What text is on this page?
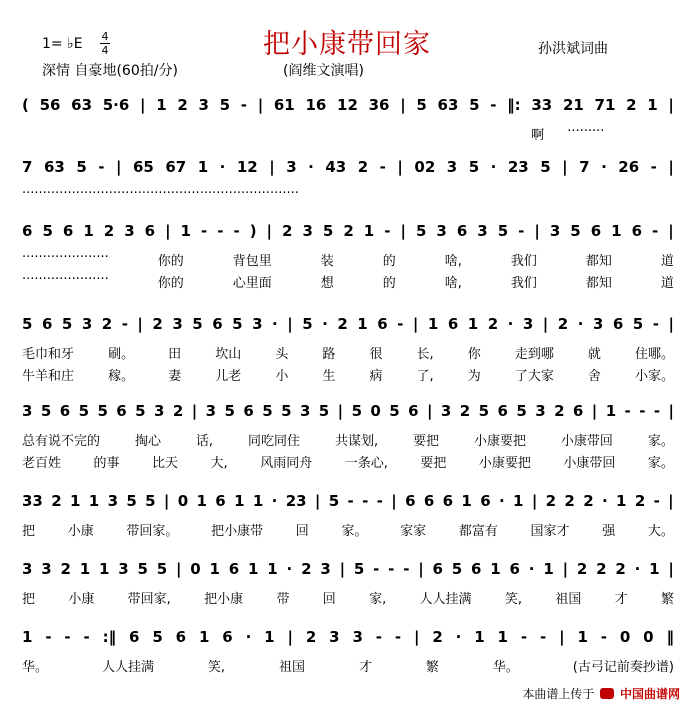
把小康带回家
1= ♭E 4
4
深情 自豪地(60拍/分)	(阎维文演唱)
孙洪斌词曲
( 56 63 5·6 | 1 2 3 5 - | 61 16 12 36 | 5 63 5 - ‖: 33 21 71 2 1 |
啊 ·········
7 63 5 - | 65 67 1 · 12 | 3 · 43 2 - | 02 3 5 · 23 5 | 7 · 26 - |
···································································
6 5 6 1 2 3 6 | 1 - - - ) | 2 3 5 2 1 - | 5 3 6 3 5 - | 3 5 6 1 6 - |
·····················	你的	背包里	装	的	啥,	我们	都知	道
·····················	你的	心里面	想	的	啥,	我们	都知	道
5 6 5 3 2 - | 2 3 5 6 5 3 · | 5 · 2 1 6 - | 1 6 1 2 · 3 | 2 · 3 6 5 - |
毛巾和牙	刷。	田	坎山	头	路	很	长,	你	走到哪	就	住哪。
牛羊和庄	稼。	妻	儿老	小	生	病	了,	为	了大家	舍	小家。
3 5 6 5 5 6 5 3 2 | 3 5 6 5 5 3 5 | 5 0 5 6 | 3 2 5 6 5 3 2 6 | 1 - - - |
总有说不完的	掏心	话,	同吃同住	共谋划,	要把	小康要把	小康带回	家。
老百姓	的事	比天	大,	风雨同舟	一条心,	要把	小康要把	小康带回	家。
33 2 1 1 3 5 5 | 0 1 6 1 1 · 23 | 5 - - - | 6 6 6 1 6 · 1 | 2 2 2 · 1 2 - |
把	小康	带回家。	把小康带	回	家。	家家	都富有	国家才	强	大。
3 3 2 1 1 3 5 5 | 0 1 6 1 1 · 2 3 | 5 - - - | 6 5 6 1 6 · 1 | 2 2 2 · 1 |
把	小康	带回家,	把小康	带	回	家,	人人挂满	笑,	祖国	才	繁
1 - - - :‖ 6 5 6 1 6 · 1 | 2 3 3 - - | 2 · 1 1 - - | 1 - 0 0 ‖
华。	人人挂满	笑,	祖国	才	繁	华。	(古弓记前奏抄谱)
本曲谱上传于 中国曲谱网
